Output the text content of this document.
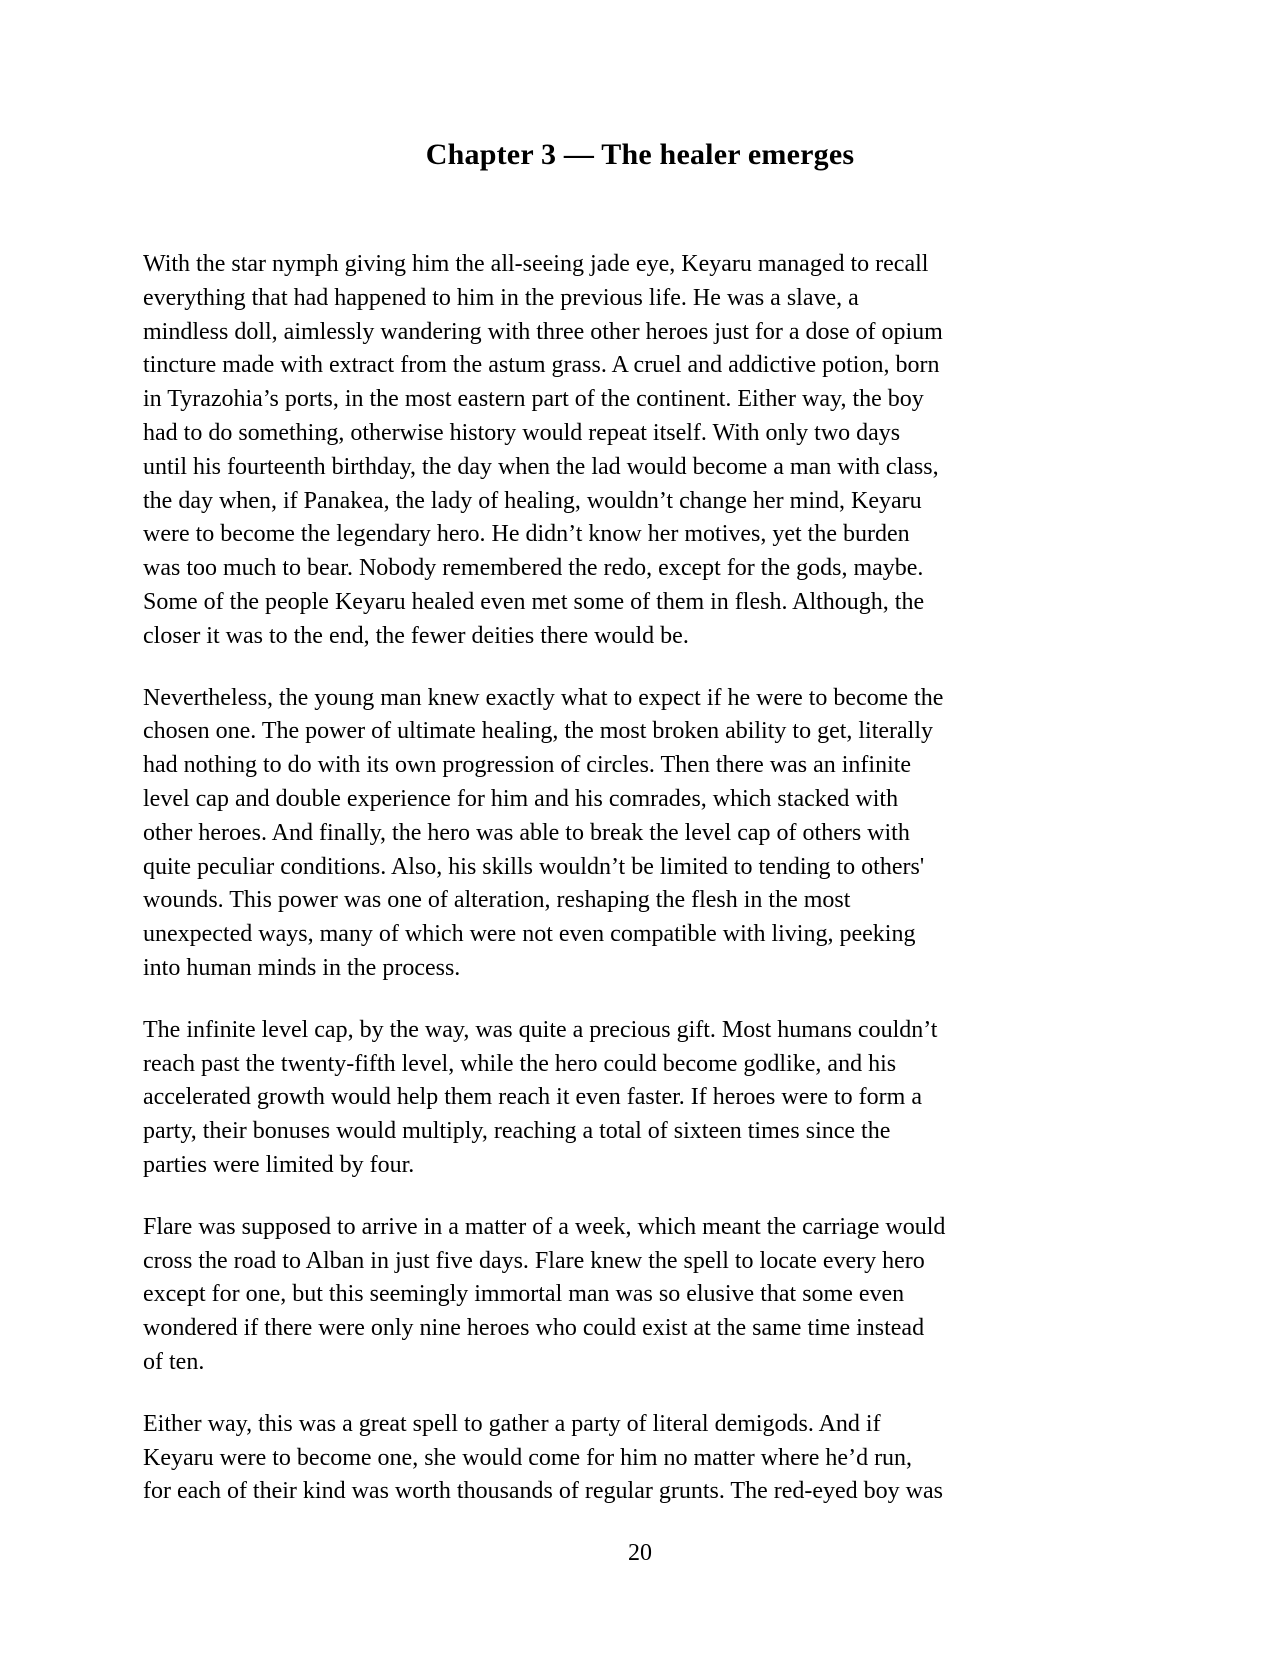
Chapter 3 — The healer emerges

With the star nymph giving him the all-seeing jade eye, Keyaru managed to recall
everything that had happened to him in the previous life. He was a slave, a
mindless doll, aimlessly wandering with three other heroes just for a dose of opium
tincture made with extract from the astum grass. A cruel and addictive potion, born
in Tyrazohia’s ports, in the most eastern part of the continent. Either way, the boy
had to do something, otherwise history would repeat itself. With only two days
until his fourteenth birthday, the day when the lad would become a man with class,
the day when, if Panakea, the lady of healing, wouldn’t change her mind, Keyaru
were to become the legendary hero. He didn’t know her motives, yet the burden
was too much to bear. Nobody remembered the redo, except for the gods, maybe.
Some of the people Keyaru healed even met some of them in flesh. Although, the
closer it was to the end, the fewer deities there would be.

Nevertheless, the young man knew exactly what to expect if he were to become the
chosen one. The power of ultimate healing, the most broken ability to get, literally
had nothing to do with its own progression of circles. Then there was an infinite
level cap and double experience for him and his comrades, which stacked with
other heroes. And finally, the hero was able to break the level cap of others with
quite peculiar conditions. Also, his skills wouldn’t be limited to tending to others'
wounds. This power was one of alteration, reshaping the flesh in the most
unexpected ways, many of which were not even compatible with living, peeking
into human minds in the process.

The infinite level cap, by the way, was quite a precious gift. Most humans couldn’t
reach past the twenty-fifth level, while the hero could become godlike, and his
accelerated growth would help them reach it even faster. If heroes were to form a
party, their bonuses would multiply, reaching a total of sixteen times since the
parties were limited by four.

Flare was supposed to arrive in a matter of a week, which meant the carriage would
cross the road to Alban in just five days. Flare knew the spell to locate every hero
except for one, but this seemingly immortal man was so elusive that some even
wondered if there were only nine heroes who could exist at the same time instead
of ten.

Either way, this was a great spell to gather a party of literal demigods. And if
Keyaru were to become one, she would come for him no matter where he’d run,
for each of their kind was worth thousands of regular grunts. The red-eyed boy was

20
